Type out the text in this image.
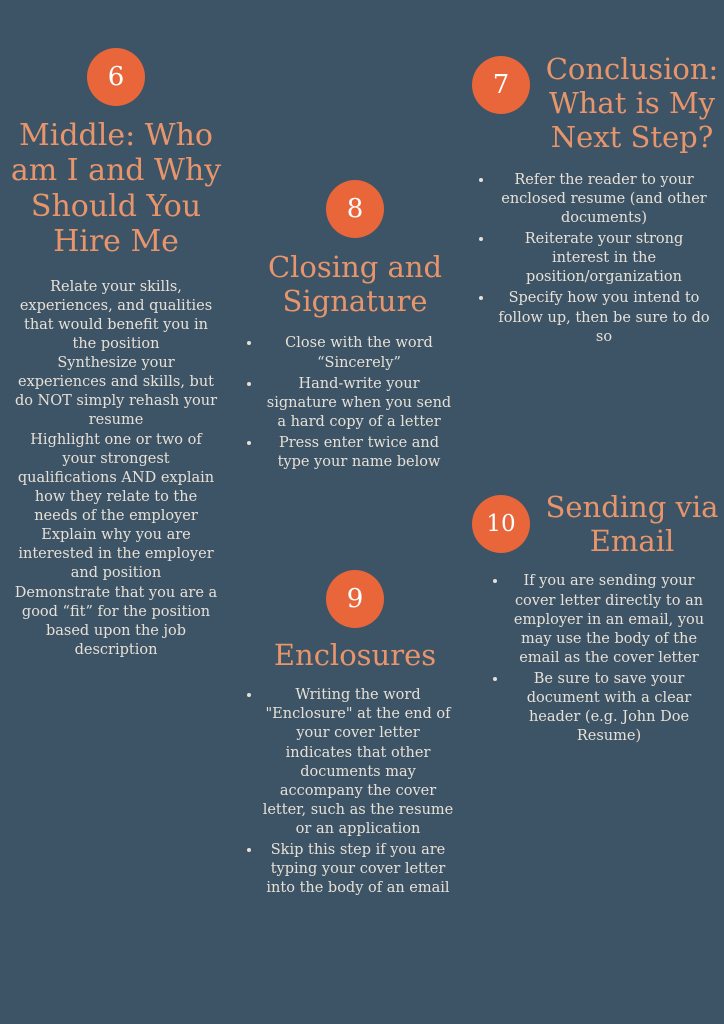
6
Middle: Who am I and Why Should You Hire Me

Relate your skills, experiences, and qualities that would benefit you in the position

Synthesize your experiences and skills, but do NOT simply rehash your resume

Highlight one or two of your strongest qualifications AND explain how they relate to the needs of the employer

Explain why you are interested in the employer and position

Demonstrate that you are a good “fit” for the position based upon the job description

7	Conclusion: What is My Next Step?
• Refer the reader to your enclosed resume (and other documents)
• Reiterate your strong interest in the position/organization
• Specify how you intend to follow up, then be sure to do so
8
Closing and Signature
• Close with the word “Sincerely”
• Hand-write your signature when you send a hard copy of a letter
• Press enter twice and type your name below
9
Enclosures
• Writing the word "Enclosure" at the end of your cover letter indicates that other documents may accompany the cover letter, such as the resume or an application
• Skip this step if you are typing your cover letter into the body of an email
10	Sending via Email
• If you are sending your cover letter directly to an employer in an email, you may use the body of the email as the cover letter
• Be sure to save your document with a clear header (e.g. John Doe Resume)
